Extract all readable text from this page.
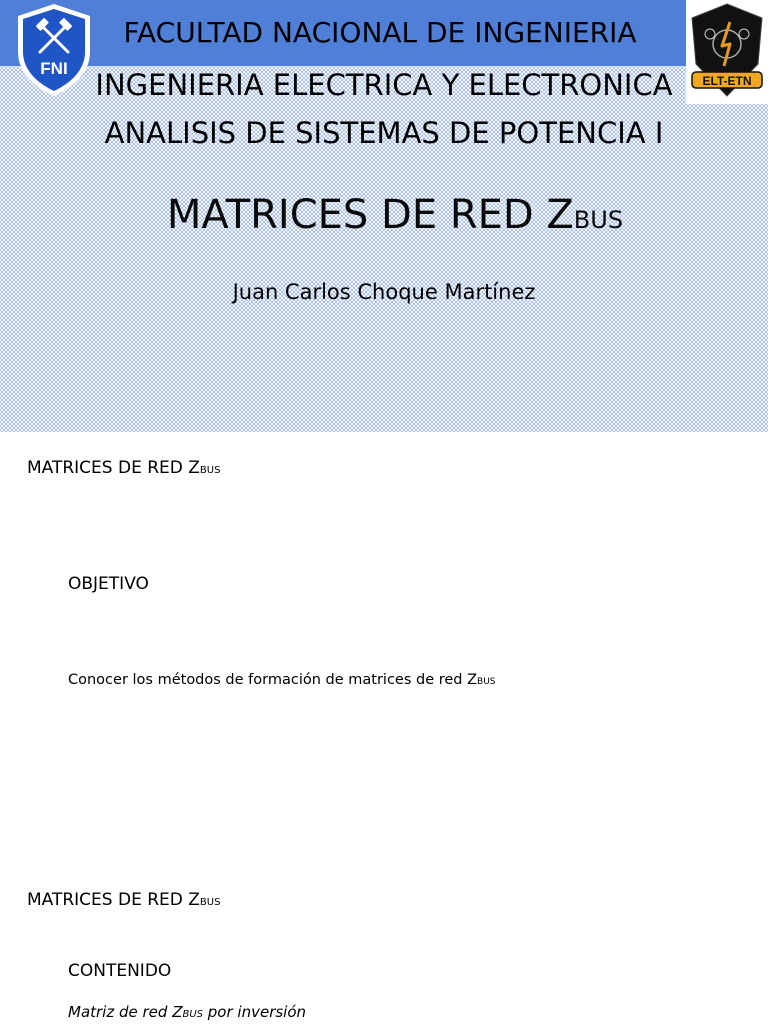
FNI
ELT-ETN
FACULTAD NACIONAL DE INGENIERIA
INGENIERIA ELECTRICA Y ELECTRONICA
ANALISIS DE SISTEMAS DE POTENCIA I
MATRICES DE RED ZBUS
Juan Carlos Choque Martínez
MATRICES DE RED ZBUS
OBJETIVO
Conocer los métodos de formación de matrices de red ZBUS
MATRICES DE RED ZBUS
CONTENIDO
Matriz de red ZBUS por inversión
